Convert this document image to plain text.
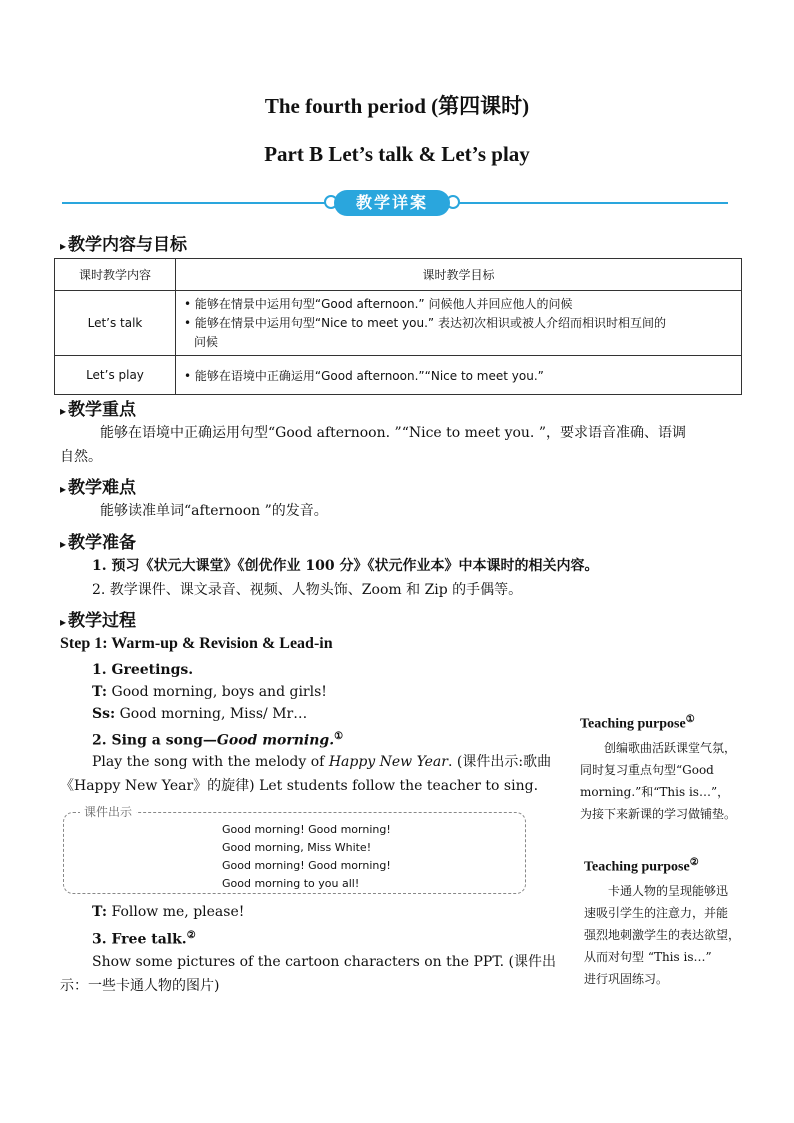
The fourth period (第四课时)
Part B Let’s talk & Let’s play
教学详案
▸ 教学内容与目标
课时教学内容	课时教学目标
Let’s talk	• 能够在情景中运用句型“Good afternoon.” 问候他人并回应他人的问候
• 能够在情景中运用句型“Nice to meet you.” 表达初次相识或被人介绍而相识时相互间的
问候

Let’s play	• 能够在语境中正确运用“Good afternoon.”“Nice to meet you.”
▸ 教学重点
能够在语境中正确运用句型“Good afternoon. ”“Nice to meet you. ”，要求语音准确、语调
自然。
▸ 教学难点
能够读准单词“afternoon ”的发音。
▸ 教学准备
1. 预习《状元大课堂》《创优作业 100 分》《状元作业本》中本课时的相关内容。
2. 教学课件、课文录音、视频、人物头饰、Zoom 和 Zip 的手偶等。
▸ 教学过程
Step 1: Warm-up & Revision & Lead-in
1. Greetings.
T: Good morning, boys and girls!
Ss: Good morning, Miss/ Mr…
2. Sing a song—Good morning.①
Play the song with the melody of Happy New Year. (课件出示:歌曲
《Happy New Year》的旋律) Let students follow the teacher to sing.
课件出示
Good morning! Good morning!
Good morning, Miss White!
Good morning! Good morning!
Good morning to you all!
T: Follow me, please!
3. Free talk.②
Show some pictures of the cartoon characters on the PPT. (课件出
示：一些卡通人物的图片)
Teaching purpose①
创编歌曲活跃课堂气氛，
同时复习重点句型“Good
morning.”和“This is…”，
为接下来新课的学习做铺垫。
Teaching purpose②
卡通人物的呈现能够迅
速吸引学生的注意力，并能
强烈地刺激学生的表达欲望，
从而对句型 “This is…”
进行巩固练习。
